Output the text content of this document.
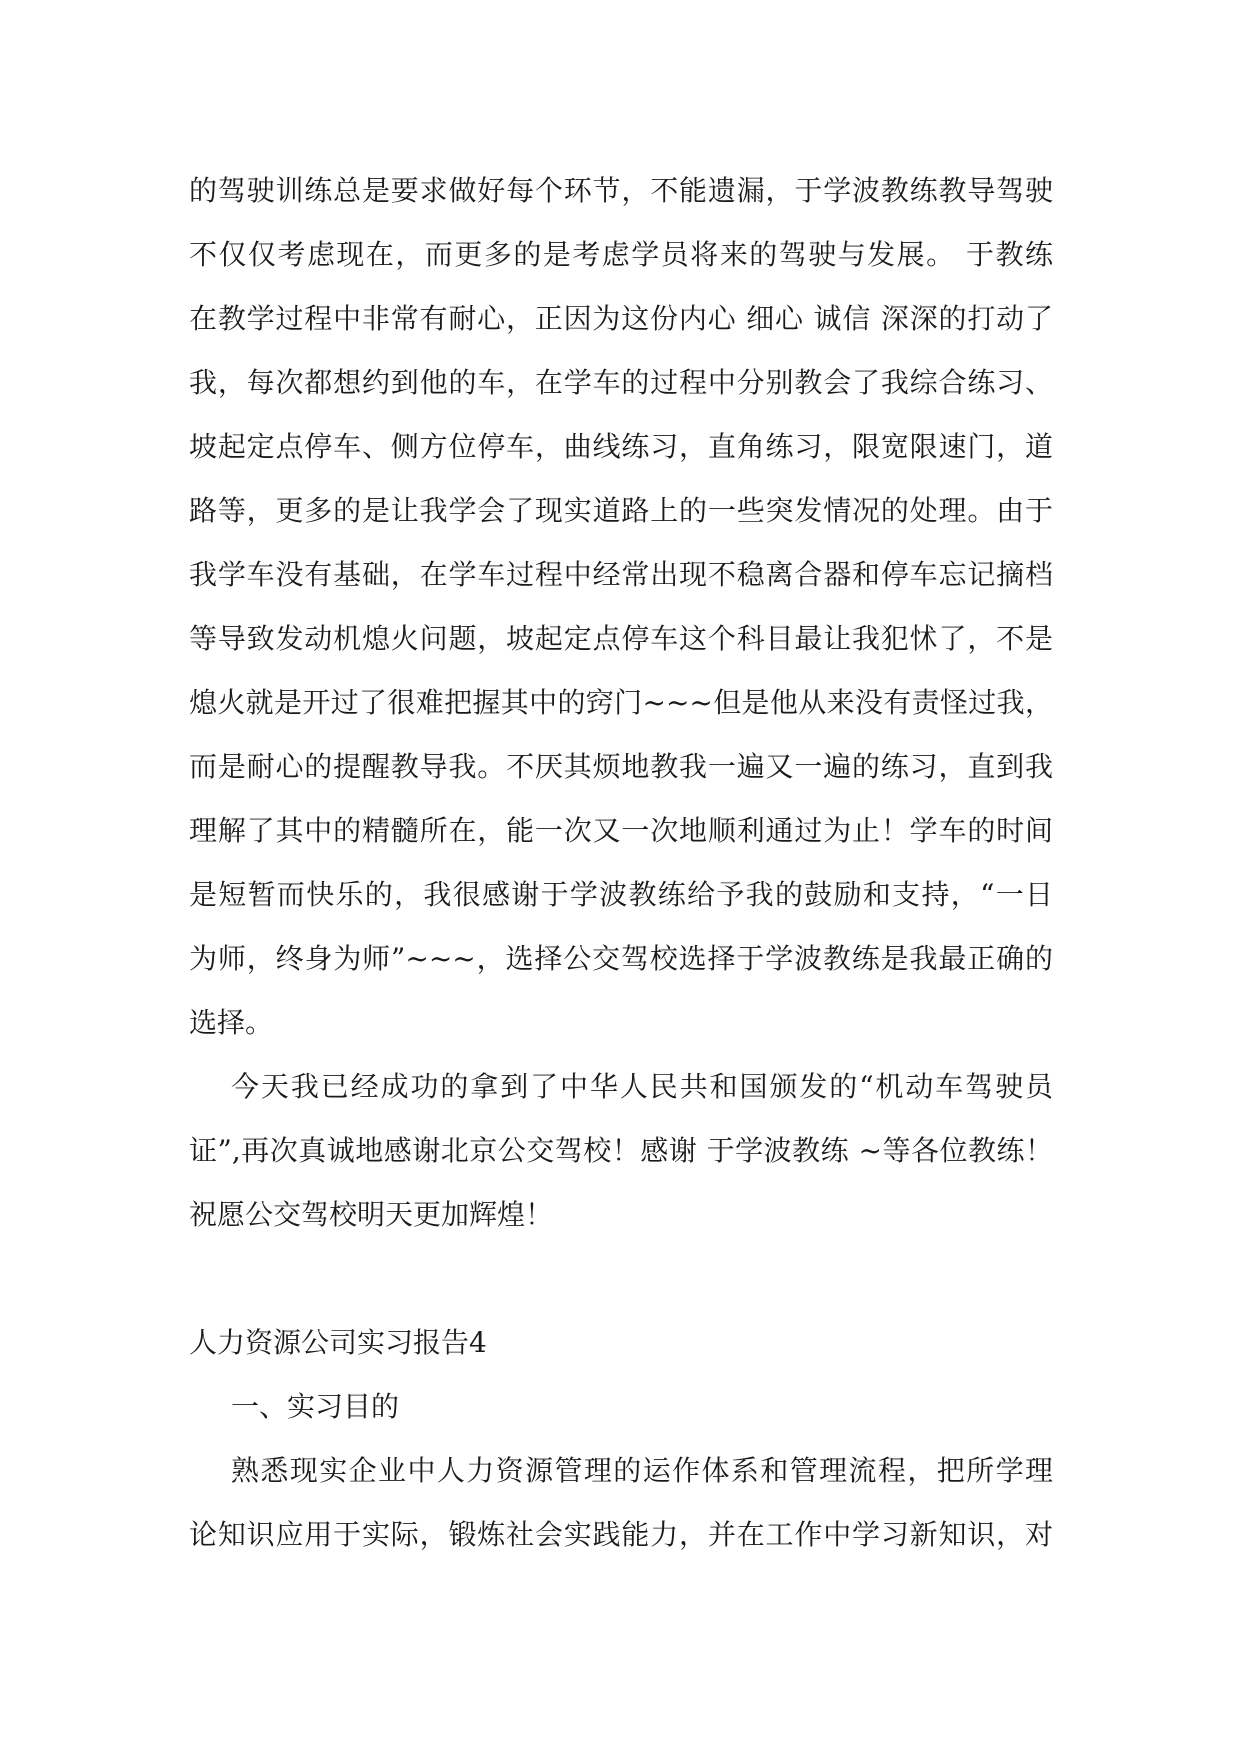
的驾驶训练总是要求做好每个环节，不能遗漏，于学波教练教导驾驶
不仅仅考虑现在，而更多的是考虑学员将来的驾驶与发展。 于教练
在教学过程中非常有耐心，正因为这份内心 细心 诚信 深深的打动了
我，每次都想约到他的车，在学车的过程中分别教会了我综合练习、
坡起定点停车、侧方位停车，曲线练习，直角练习，限宽限速门，道
路等，更多的是让我学会了现实道路上的一些突发情况的处理。由于
我学车没有基础，在学车过程中经常出现不稳离合器和停车忘记摘档
等导致发动机熄火问题，坡起定点停车这个科目最让我犯怵了，不是
熄火就是开过了很难把握其中的窍门~~~但是他从来没有责怪过我，
而是耐心的提醒教导我。不厌其烦地教我一遍又一遍的练习，直到我
理解了其中的精髓所在，能一次又一次地顺利通过为止！学车的时间
是短暂而快乐的，我很感谢于学波教练给予我的鼓励和支持，“一日
为师，终身为师”~~~，选择公交驾校选择于学波教练是我最正确的
选择。
今天我已经成功的拿到了中华人民共和国颁发的“机动车驾驶员
证”,再次真诚地感谢北京公交驾校！感谢 于学波教练 ~等各位教练！
祝愿公交驾校明天更加辉煌！
人力资源公司实习报告4
一、实习目的
熟悉现实企业中人力资源管理的运作体系和管理流程，把所学理
论知识应用于实际，锻炼社会实践能力，并在工作中学习新知识，对
